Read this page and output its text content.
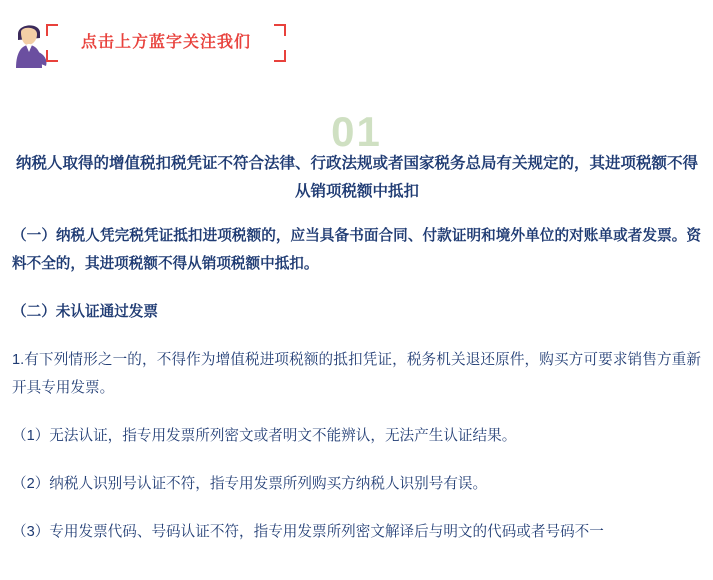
点击上方蓝字关注我们
01
纳税人取得的增值税扣税凭证不符合法律、行政法规或者国家税务总局有关规定的，其进项税额不得从销项税额中抵扣

（一）纳税人凭完税凭证抵扣进项税额的，应当具备书面合同、付款证明和境外单位的对账单或者发票。资料不全的，其进项税额不得从销项税额中抵扣。

（二）未认证通过发票

1.有下列情形之一的，不得作为增值税进项税额的抵扣凭证，税务机关退还原件，购买方可要求销售方重新开具专用发票。

（1）无法认证，指专用发票所列密文或者明文不能辨认，无法产生认证结果。

（2）纳税人识别号认证不符，指专用发票所列购买方纳税人识别号有误。

（3）专用发票代码、号码认证不符，指专用发票所列密文解译后与明文的代码或者号码不一
